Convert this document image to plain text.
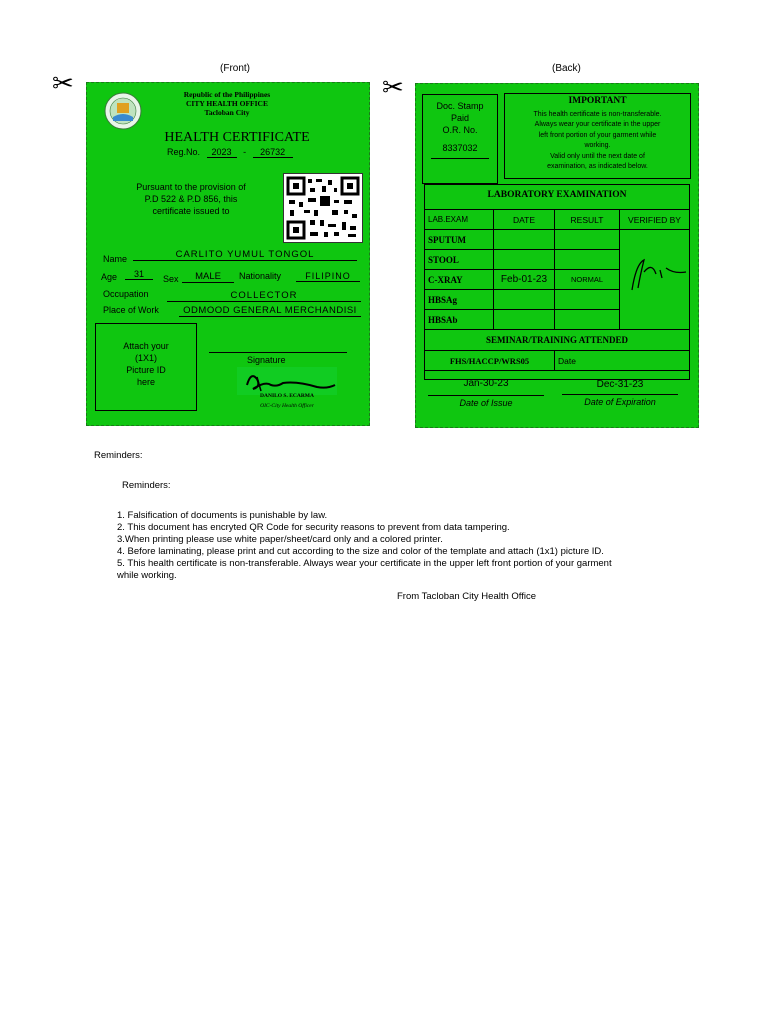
(Front)	(Back)
✂	✂
Republic of the Philippines
CITY HEALTH OFFICE
Tacloban City
HEALTH CERTIFICATE
Reg.No. 2023 - 26732
Pursuant to the provision of
P.D 522 & P.D 856, this
certificate issued to
Name	CARLITO YUMUL TONGOL
Age	31	Sex	MALE	Nationality	FILIPINO
Occupation	COLLECTOR
Place of Work	ODMOOD GENERAL MERCHANDISI
Attach your
(1X1)
Picture ID
here
Signature
DANILO S. ECARMA
OIC-City Health Officer
Doc. Stamp
Paid
O.R. No.
8337032
IMPORTANT
This health certificate is non-transferable.
Always wear your certificate in the upper
left front portion of your garment while
working.
Valid only until the next date of
examination, as indicated below.
LABORATORY EXAMINATION
LAB.EXAM	DATE	RESULT	VERIFIED BY
SPUTUM			

STOOL			
C-XRAY	Feb-01-23	NORMAL	
HBSAg			
HBSAb			
SEMINAR/TRAINING ATTENDED			
FHS/HACCP/WRS05		Date	
Jan-30-23
Date of Issue
Dec-31-23
Date of Expiration
Reminders:
Reminders:
1. Falsification of documents is punishable by law.
2. This document has encryted QR Code for security reasons to prevent from data tampering.
3.When printing please use white paper/sheet/card only and a colored printer.
4. Before laminating, please print and cut according to the size and color of the template and attach (1x1) picture ID.
5. This health certificate is non-transferable. Always wear your certificate in the upper left front portion of your garment
while working.
From Tacloban City Health Office
